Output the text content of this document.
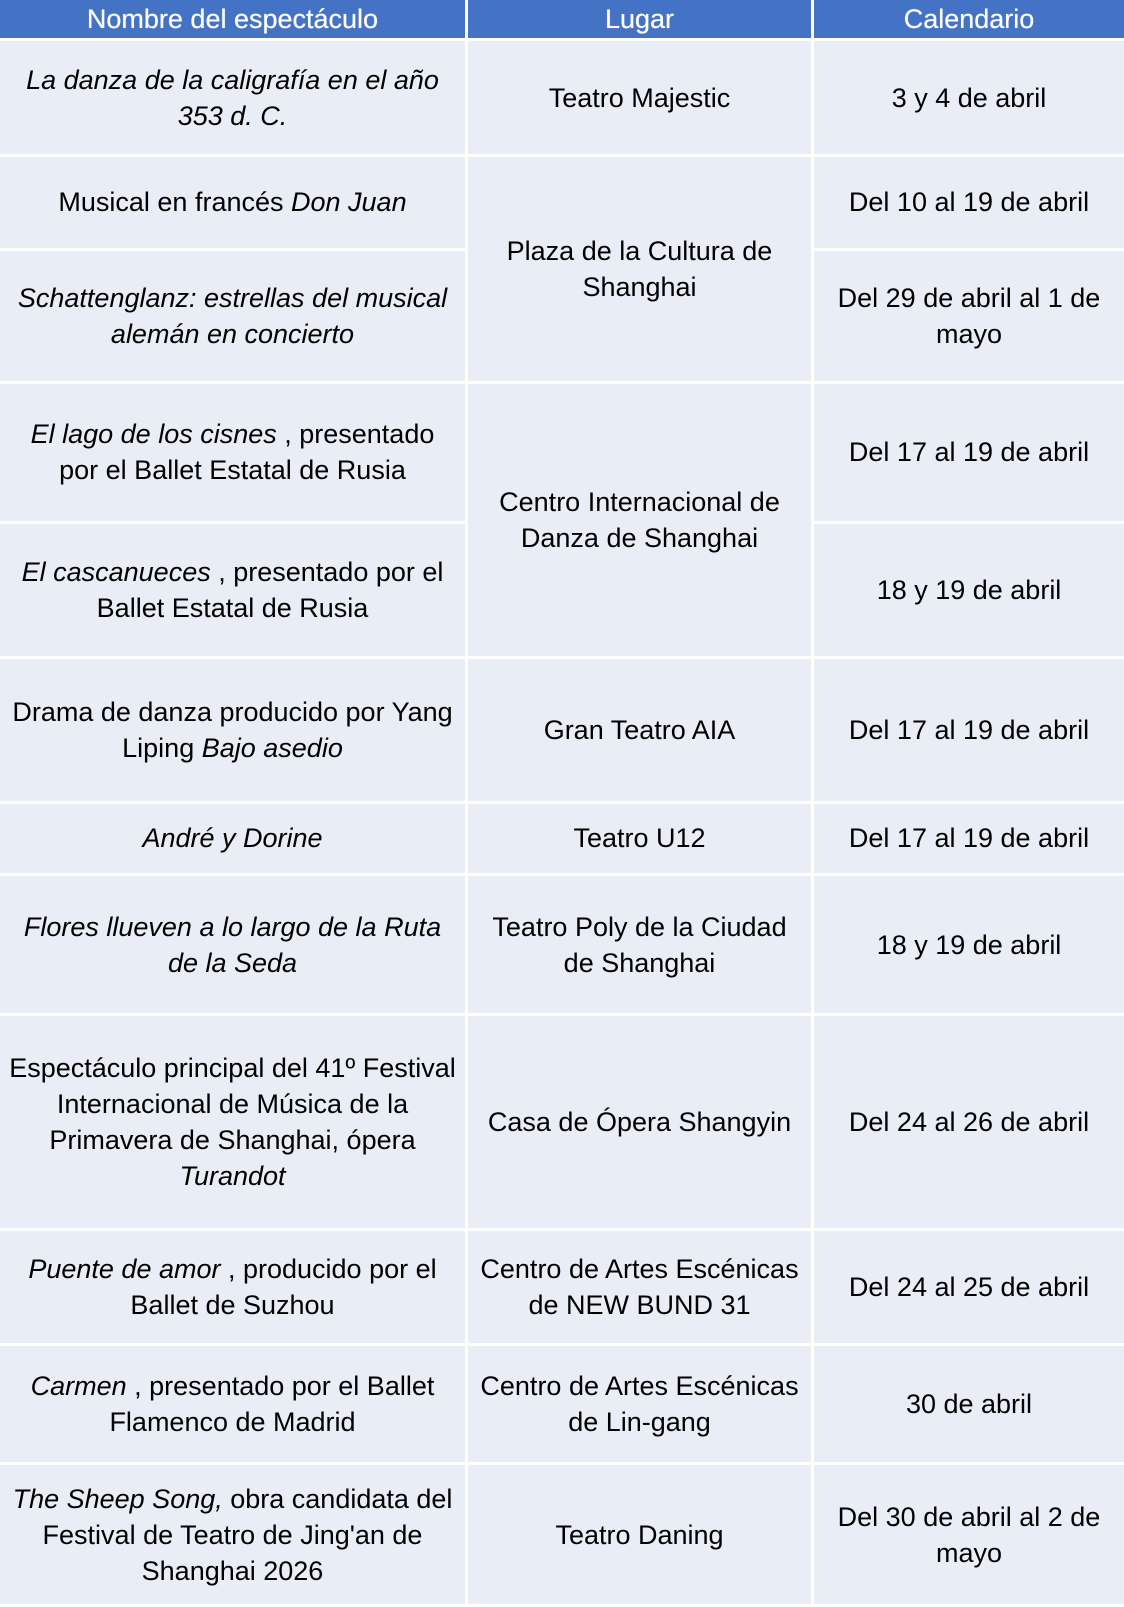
Nombre del espectáculo	Lugar	Calendario
La danza de la caligrafía en el año 353 d. C.	Teatro Majestic	3 y 4 de abril
Musical en francés Don Juan	Plaza de la Cultura de Shanghai	Del 10 al 19 de abril
Schattenglanz: estrellas del musical alemán en concierto		Del 29 de abril al 1 de mayo
El lago de los cisnes , presentado por el Ballet Estatal de Rusia	Centro Internacional de Danza de Shanghai	Del 17 al 19 de abril
El cascanueces , presentado por el Ballet Estatal de Rusia		18 y 19 de abril
Drama de danza producido por Yang Liping Bajo asedio	Gran Teatro AIA	Del 17 al 19 de abril
André y Dorine	Teatro U12	Del 17 al 19 de abril
Flores llueven a lo largo de la Ruta de la Seda	Teatro Poly de la Ciudad de Shanghai	18 y 19 de abril
Espectáculo principal del 41º Festival Internacional de Música de la Primavera de Shanghai, ópera Turandot	Casa de Ópera Shangyin	Del 24 al 26 de abril
Puente de amor , producido por el Ballet de Suzhou	Centro de Artes Escénicas de NEW BUND 31	Del 24 al 25 de abril
Carmen , presentado por el Ballet Flamenco de Madrid	Centro de Artes Escénicas de Lin-gang	30 de abril
The Sheep Song, obra candidata del Festival de Teatro de Jing'an de Shanghai 2026	Teatro Daning	Del 30 de abril al 2 de mayo
